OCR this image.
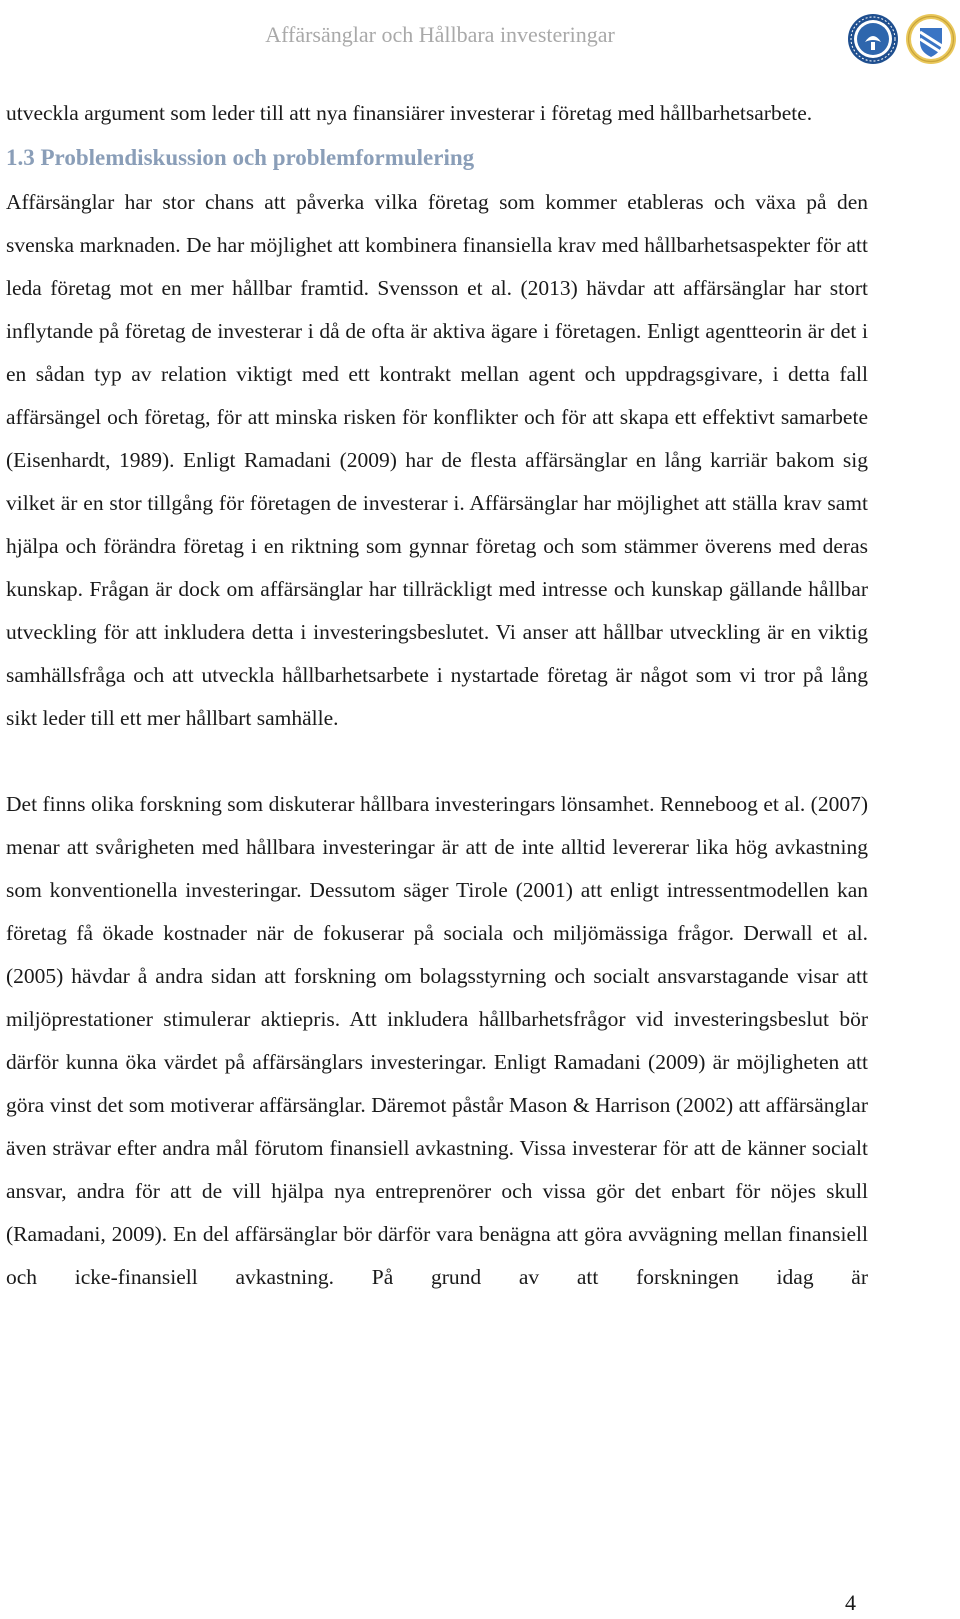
Affärsänglar och Hållbara investeringar

utveckla argument som leder till att nya finansiärer investerar i företag med hållbarhetsarbete.

1.3 Problemdiskussion och problemformulering

Affärsänglar har stor chans att påverka vilka företag som kommer etableras och växa på den svenska marknaden. De har möjlighet att kombinera finansiella krav med hållbarhetsaspekter för att leda företag mot en mer hållbar framtid. Svensson et al. (2013) hävdar att affärsänglar har stort inflytande på företag de investerar i då de ofta är aktiva ägare i företagen. Enligt agentteorin är det i en sådan typ av relation viktigt med ett kontrakt mellan agent och uppdragsgivare, i detta fall affärsängel och företag, för att minska risken för konflikter och för att skapa ett effektivt samarbete (Eisenhardt, 1989). Enligt Ramadani (2009) har de flesta affärsänglar en lång karriär bakom sig vilket är en stor tillgång för företagen de investerar i. Affärsänglar har möjlighet att ställa krav samt hjälpa och förändra företag i en riktning som gynnar företag och som stämmer överens med deras kunskap. Frågan är dock om affärsänglar har tillräckligt med intresse och kunskap gällande hållbar utveckling för att inkludera detta i investeringsbeslutet. Vi anser att hållbar utveckling är en viktig samhällsfråga och att utveckla hållbarhetsarbete i nystartade företag är något som vi tror på lång sikt leder till ett mer hållbart samhälle.

Det finns olika forskning som diskuterar hållbara investeringars lönsamhet. Renneboog et al. (2007) menar att svårigheten med hållbara investeringar är att de inte alltid levererar lika hög avkastning som konventionella investeringar. Dessutom säger Tirole (2001) att enligt intressentmodellen kan företag få ökade kostnader när de fokuserar på sociala och miljömässiga frågor. Derwall et al. (2005) hävdar å andra sidan att forskning om bolagsstyrning och socialt ansvarstagande visar att miljöprestationer stimulerar aktiepris. Att inkludera hållbarhetsfrågor vid investeringsbeslut bör därför kunna öka värdet på affärsänglars investeringar. Enligt Ramadani (2009) är möjligheten att göra vinst det som motiverar affärsänglar. Däremot påstår Mason & Harrison (2002) att affärsänglar även strävar efter andra mål förutom finansiell avkastning. Vissa investerar för att de känner socialt ansvar, andra för att de vill hjälpa nya entreprenörer och vissa gör det enbart för nöjes skull (Ramadani, 2009). En del affärsänglar bör därför vara benägna att göra avvägning mellan finansiell och icke-finansiell avkastning. På grund av att forskningen idag är

4
